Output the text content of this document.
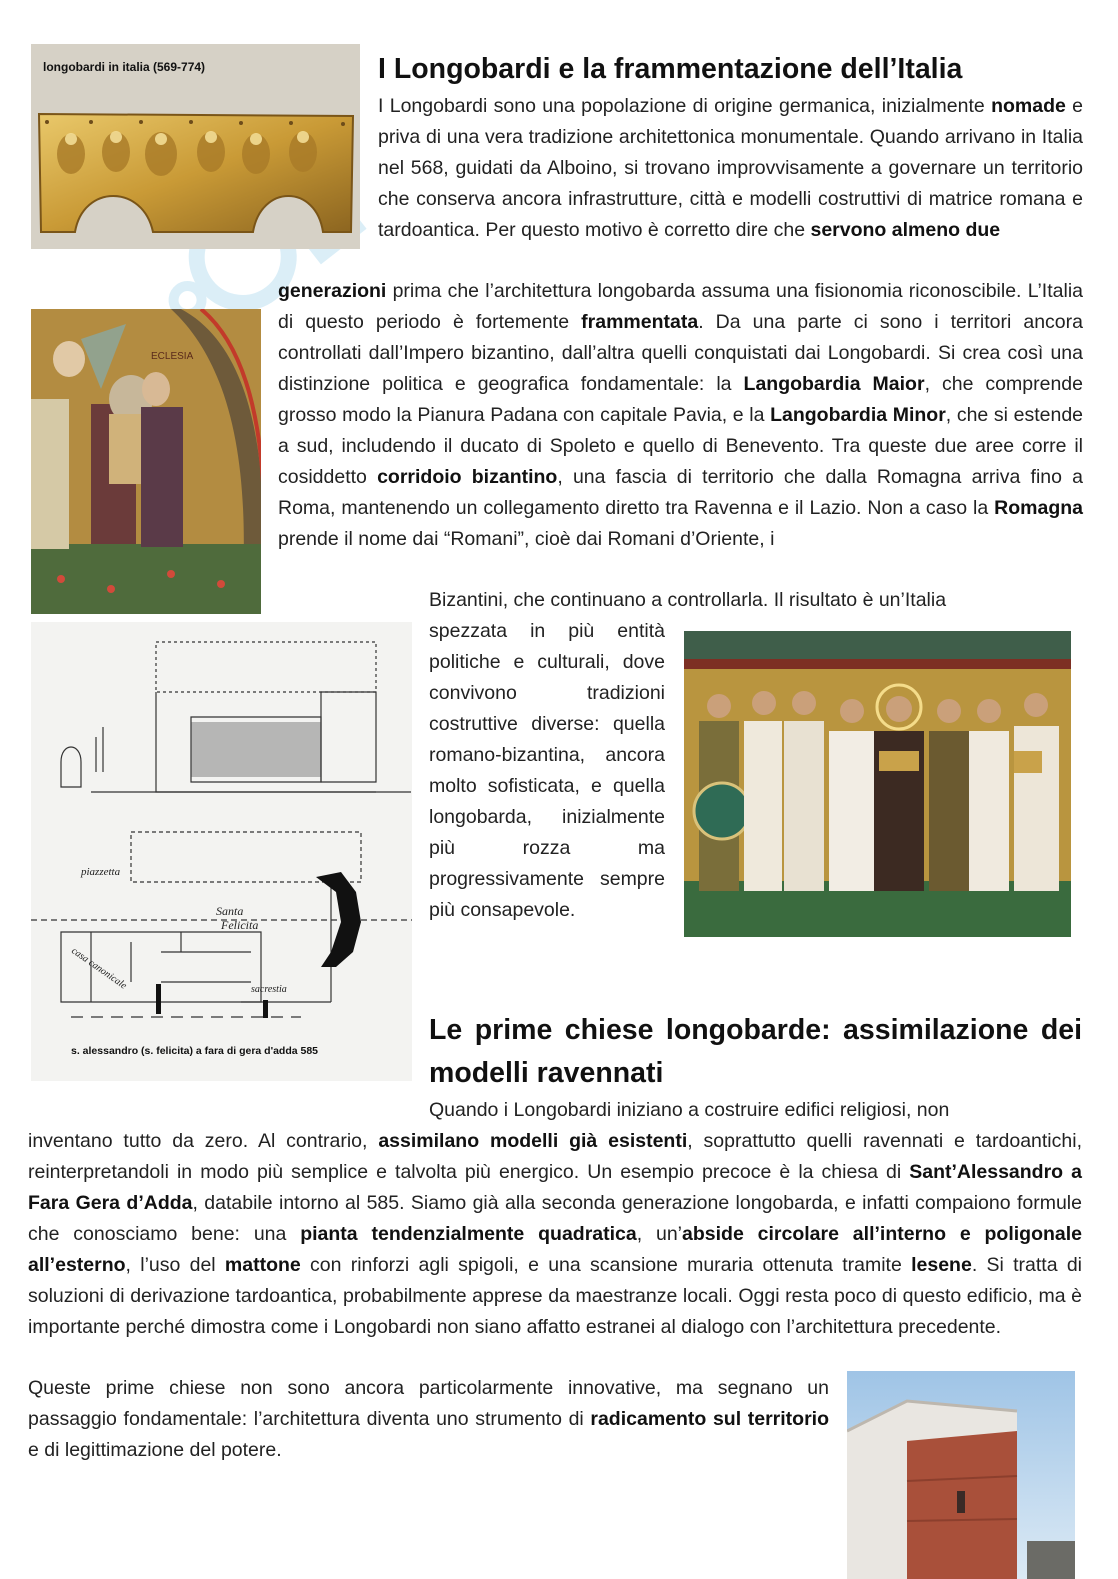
longobardi in italia (569-774)
ECLESIA
piazzetta
Santa
Felicita
casa canonicale	sacrestia
s. alessandro (s. felicita) a fara di gera d'adda 585
I Longobardi e la frammentazione dell’Italia
Le prime chiese longobarde: assimilazione dei modelli ravennati

I Longobardi sono una popolazione di origine germanica, inizialmente nomade e priva di una vera tradizione architettonica monumentale. Quando arrivano in Italia nel 568, guidati da Alboino, si trovano improvvisamente a governare un territorio che conserva ancora infrastrutture, città e modelli costruttivi di matrice romana e tardoantica. Per questo motivo è corretto dire che servono almeno due

generazioni prima che l’architettura longobarda assuma una fisionomia riconoscibile. L’Italia di questo periodo è fortemente frammentata. Da una parte ci sono i territori ancora controllati dall’Impero bizantino, dall’altra quelli conquistati dai Longobardi. Si crea così una distinzione politica e geografica fondamentale: la Langobardia Maior, che comprende grosso modo la Pianura Padana con capitale Pavia, e la Langobardia Minor, che si estende a sud, includendo il ducato di Spoleto e quello di Benevento. Tra queste due aree corre il cosiddetto corridoio bizantino, una fascia di territorio che dalla Romagna arriva fino a Roma, mantenendo un collegamento diretto tra Ravenna e il Lazio. Non a caso la Romagna prende il nome dai “Romani”, cioè dai Romani d’Oriente, i

Bizantini, che continuano a controllarla. Il risultato è un’Italia

spezzata in più entità politiche e culturali, dove convivono tradizioni costruttive diverse: quella romano-bizantina, ancora molto sofisticata, e quella longobarda, inizialmente più rozza ma progressivamente sempre più consapevole.

Quando i Longobardi iniziano a costruire edifici religiosi, non

inventano tutto da zero. Al contrario, assimilano modelli già esistenti, soprattutto quelli ravennati e tardoantichi, reinterpretandoli in modo più semplice e talvolta più energico. Un esempio precoce è la chiesa di Sant’Alessandro a Fara Gera d’Adda, databile intorno al 585. Siamo già alla seconda generazione longobarda, e infatti compaiono formule che conosciamo bene: una pianta tendenzialmente quadratica, un’abside circolare all’interno e poligonale all’esterno, l’uso del mattone con rinforzi agli spigoli, e una scansione muraria ottenuta tramite lesene. Si tratta di soluzioni di derivazione tardoantica, probabilmente apprese da maestranze locali. Oggi resta poco di questo edificio, ma è importante perché dimostra come i Longobardi non siano affatto estranei al dialogo con l’architettura precedente.

Queste prime chiese non sono ancora particolarmente innovative, ma segnano un passaggio fondamentale: l’architettura diventa uno strumento di radicamento sul territorio e di legittimazione del potere.
